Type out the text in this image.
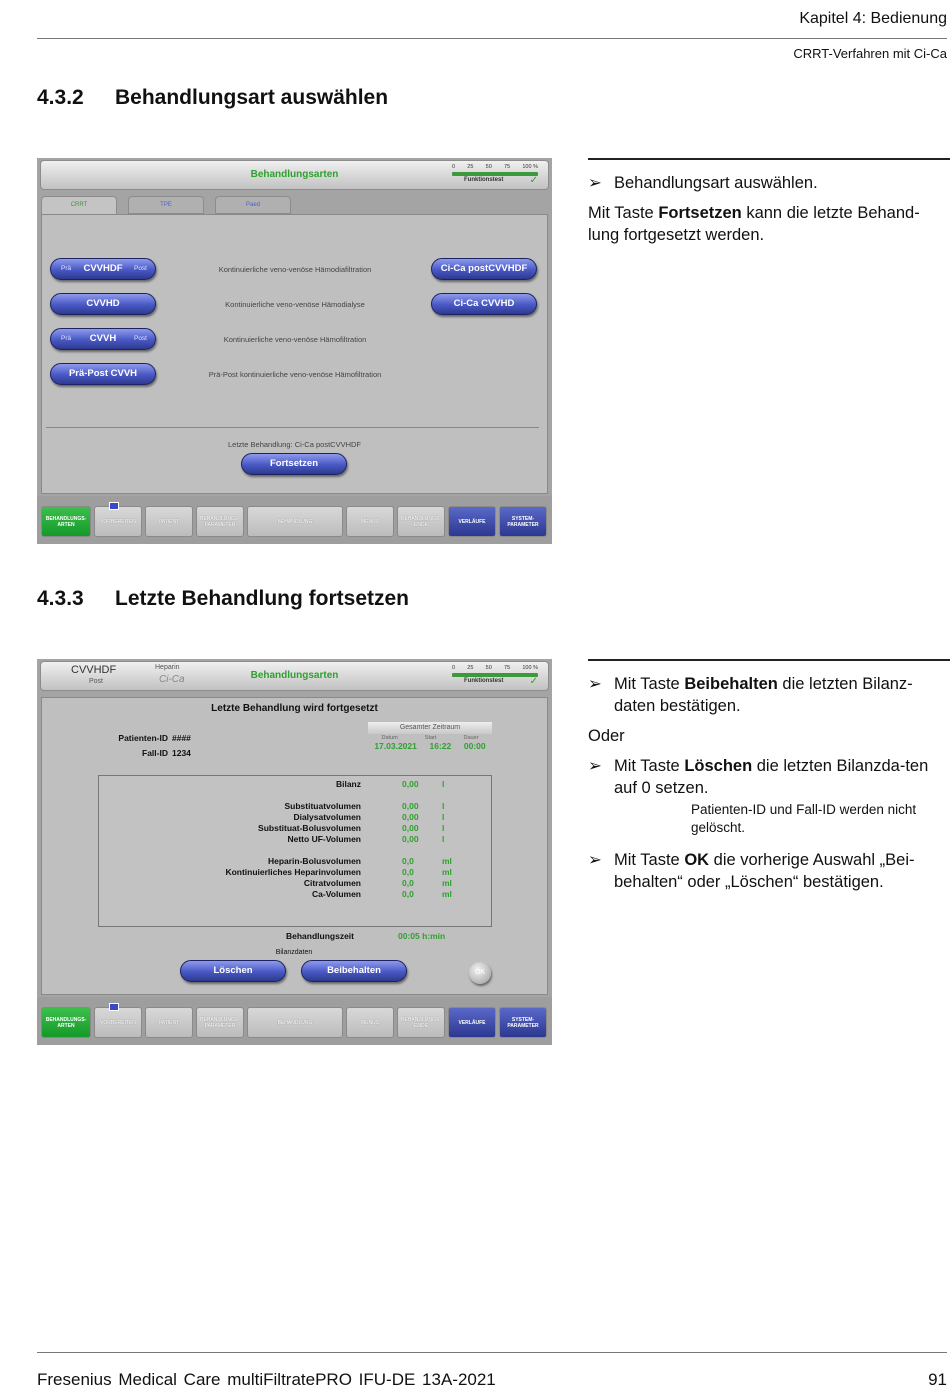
Kapitel 4: Bedienung
CRRT-Verfahren mit Ci-Ca
4.3.2 Behandlungsart auswählen
Behandlungsarten
0 25 50 75 100 %
Funktionstest	✓
CRRT	TPE	Paed
Prä	CVVHDF	Post	Kontinuierliche veno-venöse Hämodiafiltration	Ci-Ca postCVVHDF
CVVHD	Kontinuierliche veno-venöse Hämodialyse	Ci-Ca CVVHD
Prä	CVVH	Post	Kontinuierliche veno-venöse Hämofiltration
Prä-Post CVVH	Prä-Post kontinuierliche veno-venöse Hämofiltration
Letzte Behandlung: Ci-Ca postCVVHDF
Fortsetzen
BEHANDLUNGS-ARTEN	VORBEREITEN	PATIENT	BEHANDLUNGS-PARAMETER	BEHANDLUNG	MENUS	BEHANDLUNGS-ENDE	VERLÄUFE	SYSTEM-PARAMETER
➢ Behandlungsart auswählen.

Mit Taste Fortsetzen kann die letzte Behand-lung fortgesetzt werden.

4.3.3 Letzte Behandlung fortsetzen
CVVHDF
Post
Heparin
Ci-Ca	Behandlungsarten
0 25 50 75 100 %
Funktionstest	✓
Letzte Behandlung wird fortgesetzt
Patienten-ID ####
Fall-ID 1234
Gesamter Zeitraum
Datum	Start	Dauer
17.03.2021 16:22 00:00
Bilanz	0,00	l
Substituatvolumen	0,00	l
Dialysatvolumen	0,00	l
Substituat-Bolusvolumen	0,00	l
Netto UF-Volumen	0,00	l
Heparin-Bolusvolumen	0,0	ml
Kontinuierliches Heparinvolumen	0,0	ml
Citratvolumen	0,0	ml
Ca-Volumen	0,0	ml
Behandlungszeit	00:05 h:min
Bilanzdaten
Löschen	Beibehalten	OK
BEHANDLUNGS-ARTEN	VORBEREITEN	PATIENT	BEHANDLUNGS-PARAMETER	BEHANDLUNG	MENUS	BEHANDLUNGS-ENDE	VERLÄUFE	SYSTEM-PARAMETER
➢ Mit Taste Beibehalten die letzten Bilanz-daten bestätigen.

Oder

➢ Mit Taste Löschen die letzten Bilanzda-ten auf 0 setzen.
Patienten-ID und Fall-ID werden nicht gelöscht.
➢ Mit Taste OK die vorherige Auswahl „Bei-behalten“ oder „Löschen“ bestätigen.
Fresenius Medical Care multiFiltratePRO IFU-DE 13A-2021	91
